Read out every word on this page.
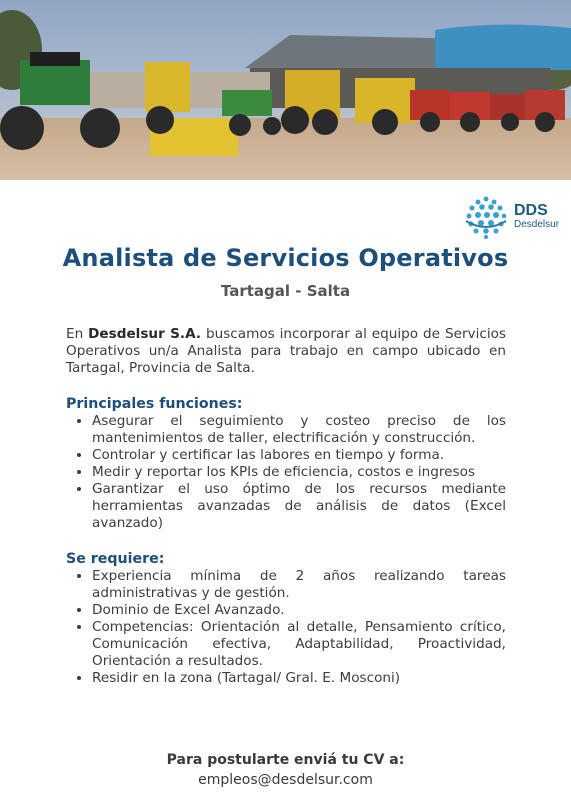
DDS
Desdelsur
Analista de Servicios Operativos
Tartagal - Salta

En Desdelsur S.A. buscamos incorporar al equipo de Servicios Operativos un/a Analista para trabajo en campo ubicado en Tartagal, Provincia de Salta.

Principales funciones:

• Asegurar el seguimiento y costeo preciso de los mantenimientos de taller, electrificación y construcción.
• Controlar y certificar las labores en tiempo y forma.
• Medir y reportar los KPIs de eficiencia, costos e ingresos
• Garantizar el uso óptimo de los recursos mediante herramientas avanzadas de análisis de datos (Excel avanzado)

Se requiere:

• Experiencia mínima de 2 años realizando tareas administrativas y de gestión.
• Dominio de Excel Avanzado.
• Competencias: Orientación al detalle, Pensamiento crítico, Comunicación efectiva, Adaptabilidad, Proactividad, Orientación a resultados.
• Residir en la zona (Tartagal/ Gral. E. Mosconi)
Para postularte enviá tu CV a:
empleos@desdelsur.com
